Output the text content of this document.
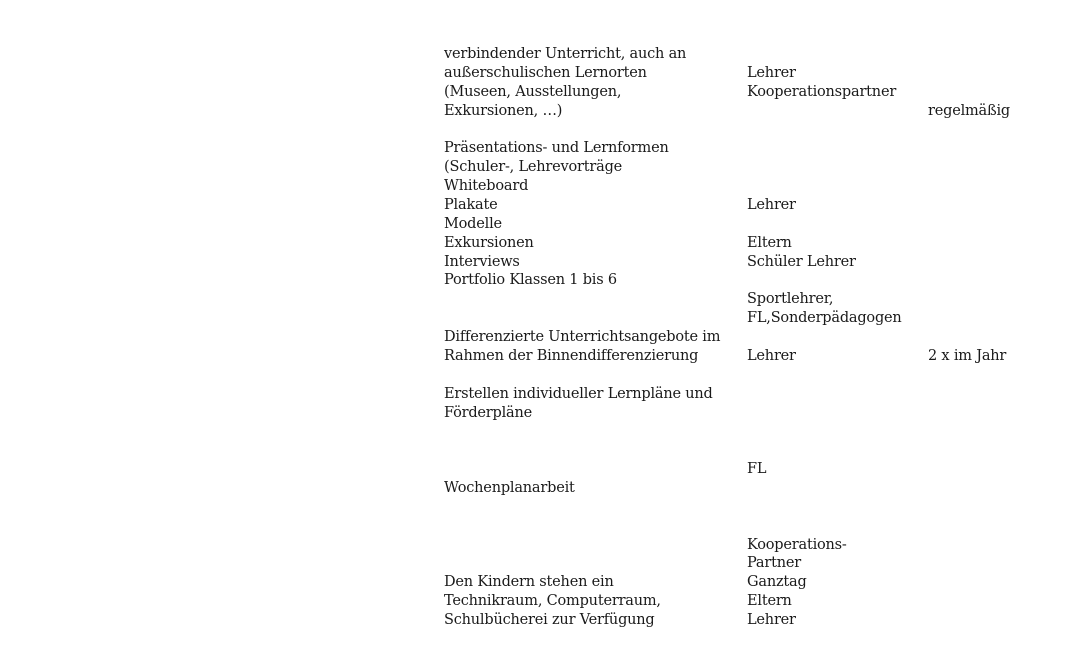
verbindender Unterricht, auch an
außerschulischen Lernorten
(Museen, Ausstellungen,
Exkursionen, …)
Lehrer
Kooperationspartner
regelmäßig
Präsentations- und Lernformen
(Schuler-, Lehrevorträge
Whiteboard
Plakate
Modelle
Exkursionen
Interviews
Portfolio Klassen 1 bis 6
Lehrer
Eltern
Schüler Lehrer
Sportlehrer,
FL,Sonderpädagogen
Differenzierte Unterrichtsangebote im
Rahmen der Binnendifferenzierung	Lehrer	2 x im Jahr
Erstellen individueller Lernpläne und
Förderpläne
FL
Wochenplanarbeit
Kooperations-
Partner
Ganztag
Eltern
Lehrer
Den Kindern stehen ein
Technikraum, Computerraum,
Schulbücherei zur Verfügung
